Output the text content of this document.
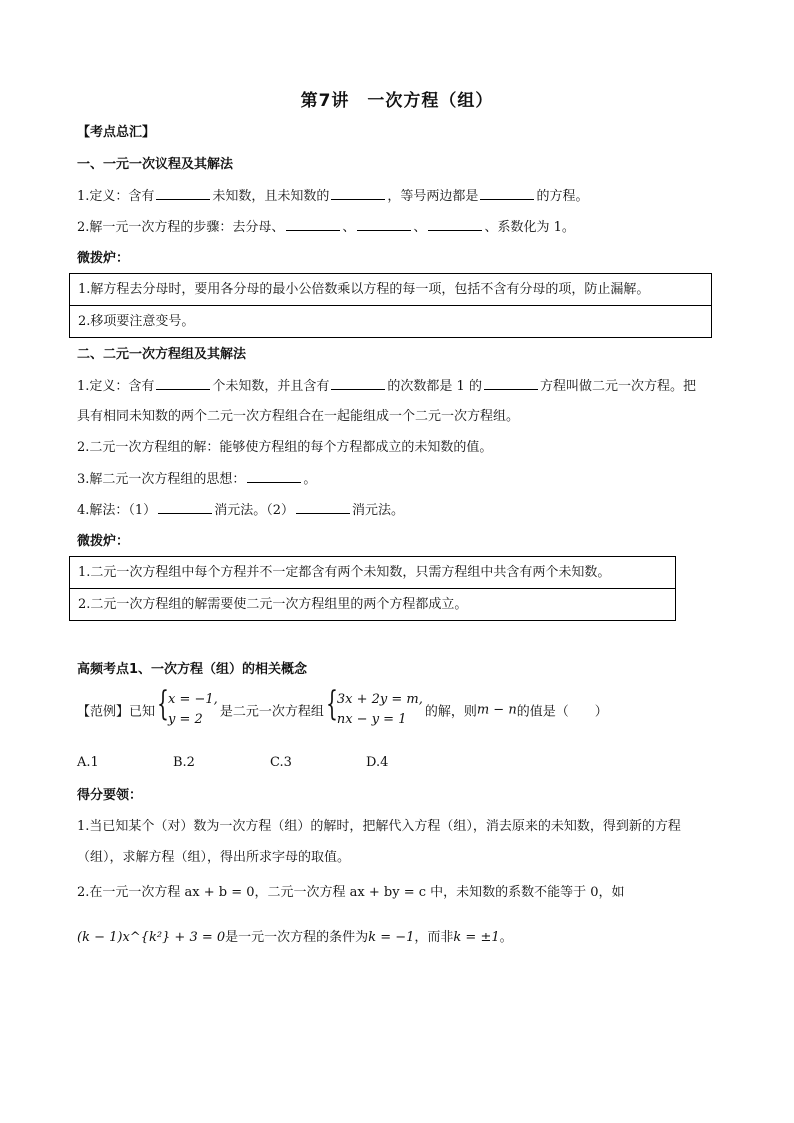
第7讲 一次方程（组）
【考点总汇】
一、一元一次议程及其解法
1.定义：含有	未知数，且未知数的	，等号两边都是	的方程。
2.解一元一次方程的步骤：去分母、	、	、	、系数化为 1。
微拨炉：
1.解方程去分母时，要用各分母的最小公倍数乘以方程的每一项，包括不含有分母的项，防止漏解。
2.移项要注意变号。
二、二元一次方程组及其解法
1.定义：含有	个未知数，并且含有	的次数都是 1 的	方程叫做二元一次方程。把
具有相同未知数的两个二元一次方程组合在一起能组成一个二元一次方程组。
2.二元一次方程组的解：能够使方程组的每个方程都成立的未知数的值。
3.解二元一次方程组的思想：	。
4.解法：（1）	消元法。（2）	消元法。
微拨炉：
1.二元一次方程组中每个方程并不一定都含有两个未知数，只需方程组中共含有两个未知数。
2.二元一次方程组的解需要使二元一次方程组里的两个方程都成立。
高频考点1、一次方程（组）的相关概念
【范例】已知 { x = −1,
y = 2	是二元一次方程组 { 3x + 2y = m,
nx − y = 1	的解，则m − n的值是（　　）
A.1	B.2	C.3	D.4
得分要领：
1.当已知某个（对）数为一次方程（组）的解时，把解代入方程（组），消去原来的未知数，得到新的方程
（组），求解方程（组），得出所求字母的取值。
2.在一元一次方程 ax + b = 0，二元一次方程 ax + by = c 中，未知数的系数不能等于 0，如
(k − 1)x^{k²} + 3 = 0是一元一次方程的条件为k = −1，而非k = ±1。
